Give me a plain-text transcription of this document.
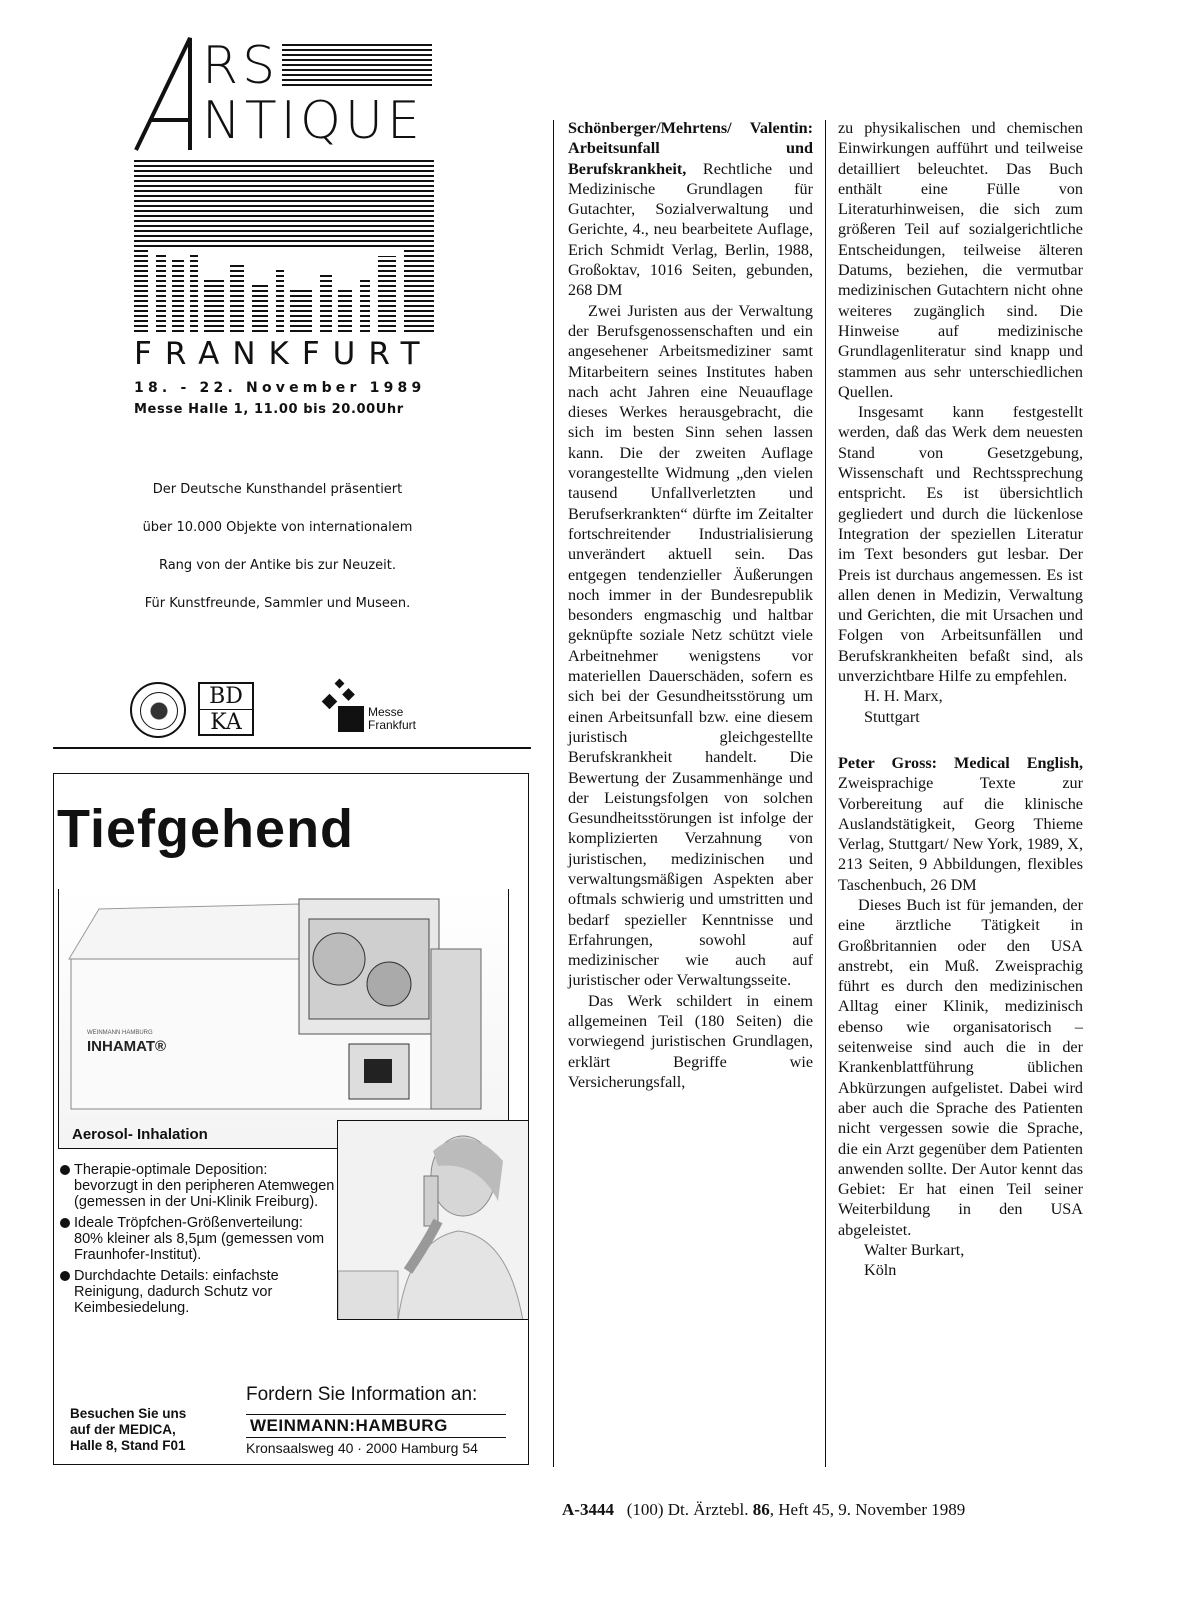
RS
NTIQUE
FRANKFURT
18. - 22. November 1989
Messe Halle 1, 11.00 bis 20.00Uhr

Der Deutsche Kunsthandel präsentiert

über 10.000 Objekte von internationalem

Rang von der Antike bis zur Neuzeit.

Für Kunstfreunde, Sammler und Museen.

BD
KA	Messe
Frankfurt
Tiefgehend
WEINMANN HAMBURG
INHAMAT®
Aerosol- Inhalation
Therapie-optimale Deposition: bevorzugt in den peripheren Atemwegen (gemessen in der Uni-Klinik Freiburg).
Ideale Tröpfchen-Größenverteilung: 80% kleiner als 8,5µm (gemessen vom Fraunhofer-Institut).
Durchdachte Details: einfachste Reinigung, dadurch Schutz vor Keimbesiedelung.
Fordern Sie Information an:
Besuchen Sie uns
auf der MEDICA,
Halle 8, Stand F01
WEINMANN:HAMBURG
Kronsaalsweg 40 · 2000 Hamburg 54

Schönberger/Mehrtens/ Valentin: Arbeitsunfall und Berufskrankheit, Rechtliche und Medizinische Grundlagen für Gutachter, Sozialverwaltung und Gerichte, 4., neu bearbeitete Auflage, Erich Schmidt Verlag, Berlin, 1988, Großoktav, 1016 Seiten, gebunden, 268 DM

Zwei Juristen aus der Verwaltung der Berufsgenossenschaften und ein angesehener Arbeitsmediziner samt Mitarbeitern seines Institutes haben nach acht Jahren eine Neuauflage dieses Werkes herausgebracht, die sich im besten Sinn sehen lassen kann. Die der zweiten Auflage vorangestellte Widmung „den vielen tausend Unfallverletzten und Berufserkrankten“ dürfte im Zeitalter fortschreitender Industrialisierung unverändert aktuell sein. Das entgegen tendenzieller Äußerungen noch immer in der Bundesrepublik besonders engmaschig und haltbar geknüpfte soziale Netz schützt viele Arbeitnehmer wenigstens vor materiellen Dauerschäden, sofern es sich bei der Gesundheitsstörung um einen Arbeitsunfall bzw. eine diesem juristisch gleichgestellte Berufskrankheit handelt. Die Bewertung der Zusammenhänge und der Leistungsfolgen von solchen Gesundheitsstörungen ist infolge der komplizierten Verzahnung von juristischen, medizinischen und verwaltungsmäßigen Aspekten aber oftmals schwierig und umstritten und bedarf spezieller Kenntnisse und Erfahrungen, sowohl auf medizinischer wie auch auf juristischer oder Verwaltungsseite.

Das Werk schildert in einem allgemeinen Teil (180 Seiten) die vorwiegend juristischen Grundlagen, erklärt Begriffe wie Versicherungsfall,

zu physikalischen und chemischen Einwirkungen aufführt und teilweise detailliert beleuchtet. Das Buch enthält eine Fülle von Literaturhinweisen, die sich zum größeren Teil auf sozialgerichtliche Entscheidungen, teilweise älteren Datums, beziehen, die vermutbar medizinischen Gutachtern nicht ohne weiteres zugänglich sind. Die Hinweise auf medizinische Grundlagenliteratur sind knapp und stammen aus sehr unterschiedlichen Quellen.

Insgesamt kann festgestellt werden, daß das Werk dem neuesten Stand von Gesetzgebung, Wissenschaft und Rechtssprechung entspricht. Es ist übersichtlich gegliedert und durch die lückenlose Integration der speziellen Literatur im Text besonders gut lesbar. Der Preis ist durchaus angemessen. Es ist allen denen in Medizin, Verwaltung und Gerichten, die mit Ursachen und Folgen von Arbeitsunfällen und Berufskrankheiten befaßt sind, als unverzichtbare Hilfe zu empfehlen.

H. H. Marx,
Stuttgart

Peter Gross: Medical English, Zweisprachige Texte zur Vorbereitung auf die klinische Auslandstätigkeit, Georg Thieme Verlag, Stuttgart/ New York, 1989, X, 213 Seiten, 9 Abbildungen, flexibles Taschenbuch, 26 DM

Dieses Buch ist für jemanden, der eine ärztliche Tätigkeit in Großbritannien oder den USA anstrebt, ein Muß. Zweisprachig führt es durch den medizinischen Alltag einer Klinik, medizinisch ebenso wie organisatorisch – seitenweise sind auch die in der Krankenblattführung üblichen Abkürzungen aufgelistet. Dabei wird aber auch die Sprache des Patienten nicht vergessen sowie die Sprache, die ein Arzt gegenüber dem Patienten anwenden sollte. Der Autor kennt das Gebiet: Er hat einen Teil seiner Weiterbildung in den USA abgeleistet.

Walter Burkart,
Köln
A-3444 (100) Dt. Ärztebl. 86, Heft 45, 9. November 1989
